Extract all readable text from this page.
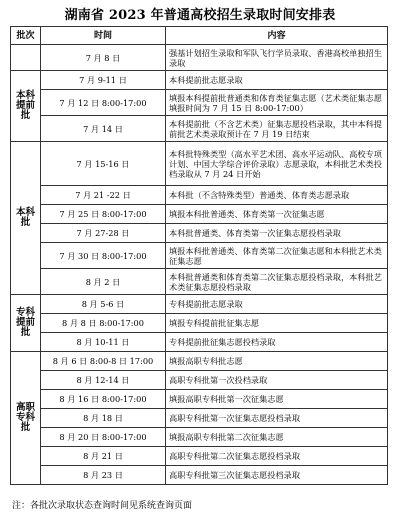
湖南省 2023 年普通高校招生录取时间安排表
批次	时间	内容
	7 月 8 日	强基计划招生录取和军队飞行学员录取、香港高校单独招生录取
本科提前批	7 月 9-11 日	本科提前批志愿录取
	7 月 12 日 8:00-17:00	填报本科提前批普通类和体育类征集志愿（艺术类征集志愿填报时间为 7 月 15 日 8:00-17:00）
	7 月 14 日	本科提前批（不含艺术类）征集志愿投档录取，其中本科提前批艺术类录取预计在 7 月 19 日结束
本科批	7 月 15-16 日	本科批特殊类型（高水平艺术团、高水平运动队、高校专项计划、中国大学综合评价录取）志愿录取，本科批艺术类投档录取从 7 月 24 日开始
	7 月 21 -22 日	本科批（不含特殊类型）普通类、体育类志愿录取
	7 月 25 日 8:00-17:00	填报本科批普通类、体育类第一次征集志愿
	7 月 27-28 日	本科批普通类、体育类第一次征集志愿投档录取
	7 月 30 日 8:00-17:00	填报本科批普通类、体育类第二次征集志愿和本科批艺术类征集志愿
	8 月 2 日	本科批普通类和体育类第二次征集志愿投档录取，本科批艺术类征集志愿投档录取
专科提前批	8 月 5-6 日	专科提前批志愿录取
	8 月 8 日 8:00-17:00	填报专科提前批征集志愿
	8 月 10-11 日	专科提前批征集志愿投档录取
高职专科批	8 月 6 日 8:00-8 日 17:00	填报高职专科批志愿
	8 月 12-14 日	高职专科批第一次投档录取
	8 月 16 日 8:00-17:00	填报高职专科批第一次征集志愿
	8 月 18 日	高职专科批第一次征集志愿投档录取
	8 月 20 日 8:00-17:00	填报高职专科批第二次征集志愿
	8 月 21 日	高职专科批第二次征集志愿投档录取
	8 月 23 日	高职专科批第三次征集志愿投档录取
注：各批次录取状态查询时间见系统查询页面
